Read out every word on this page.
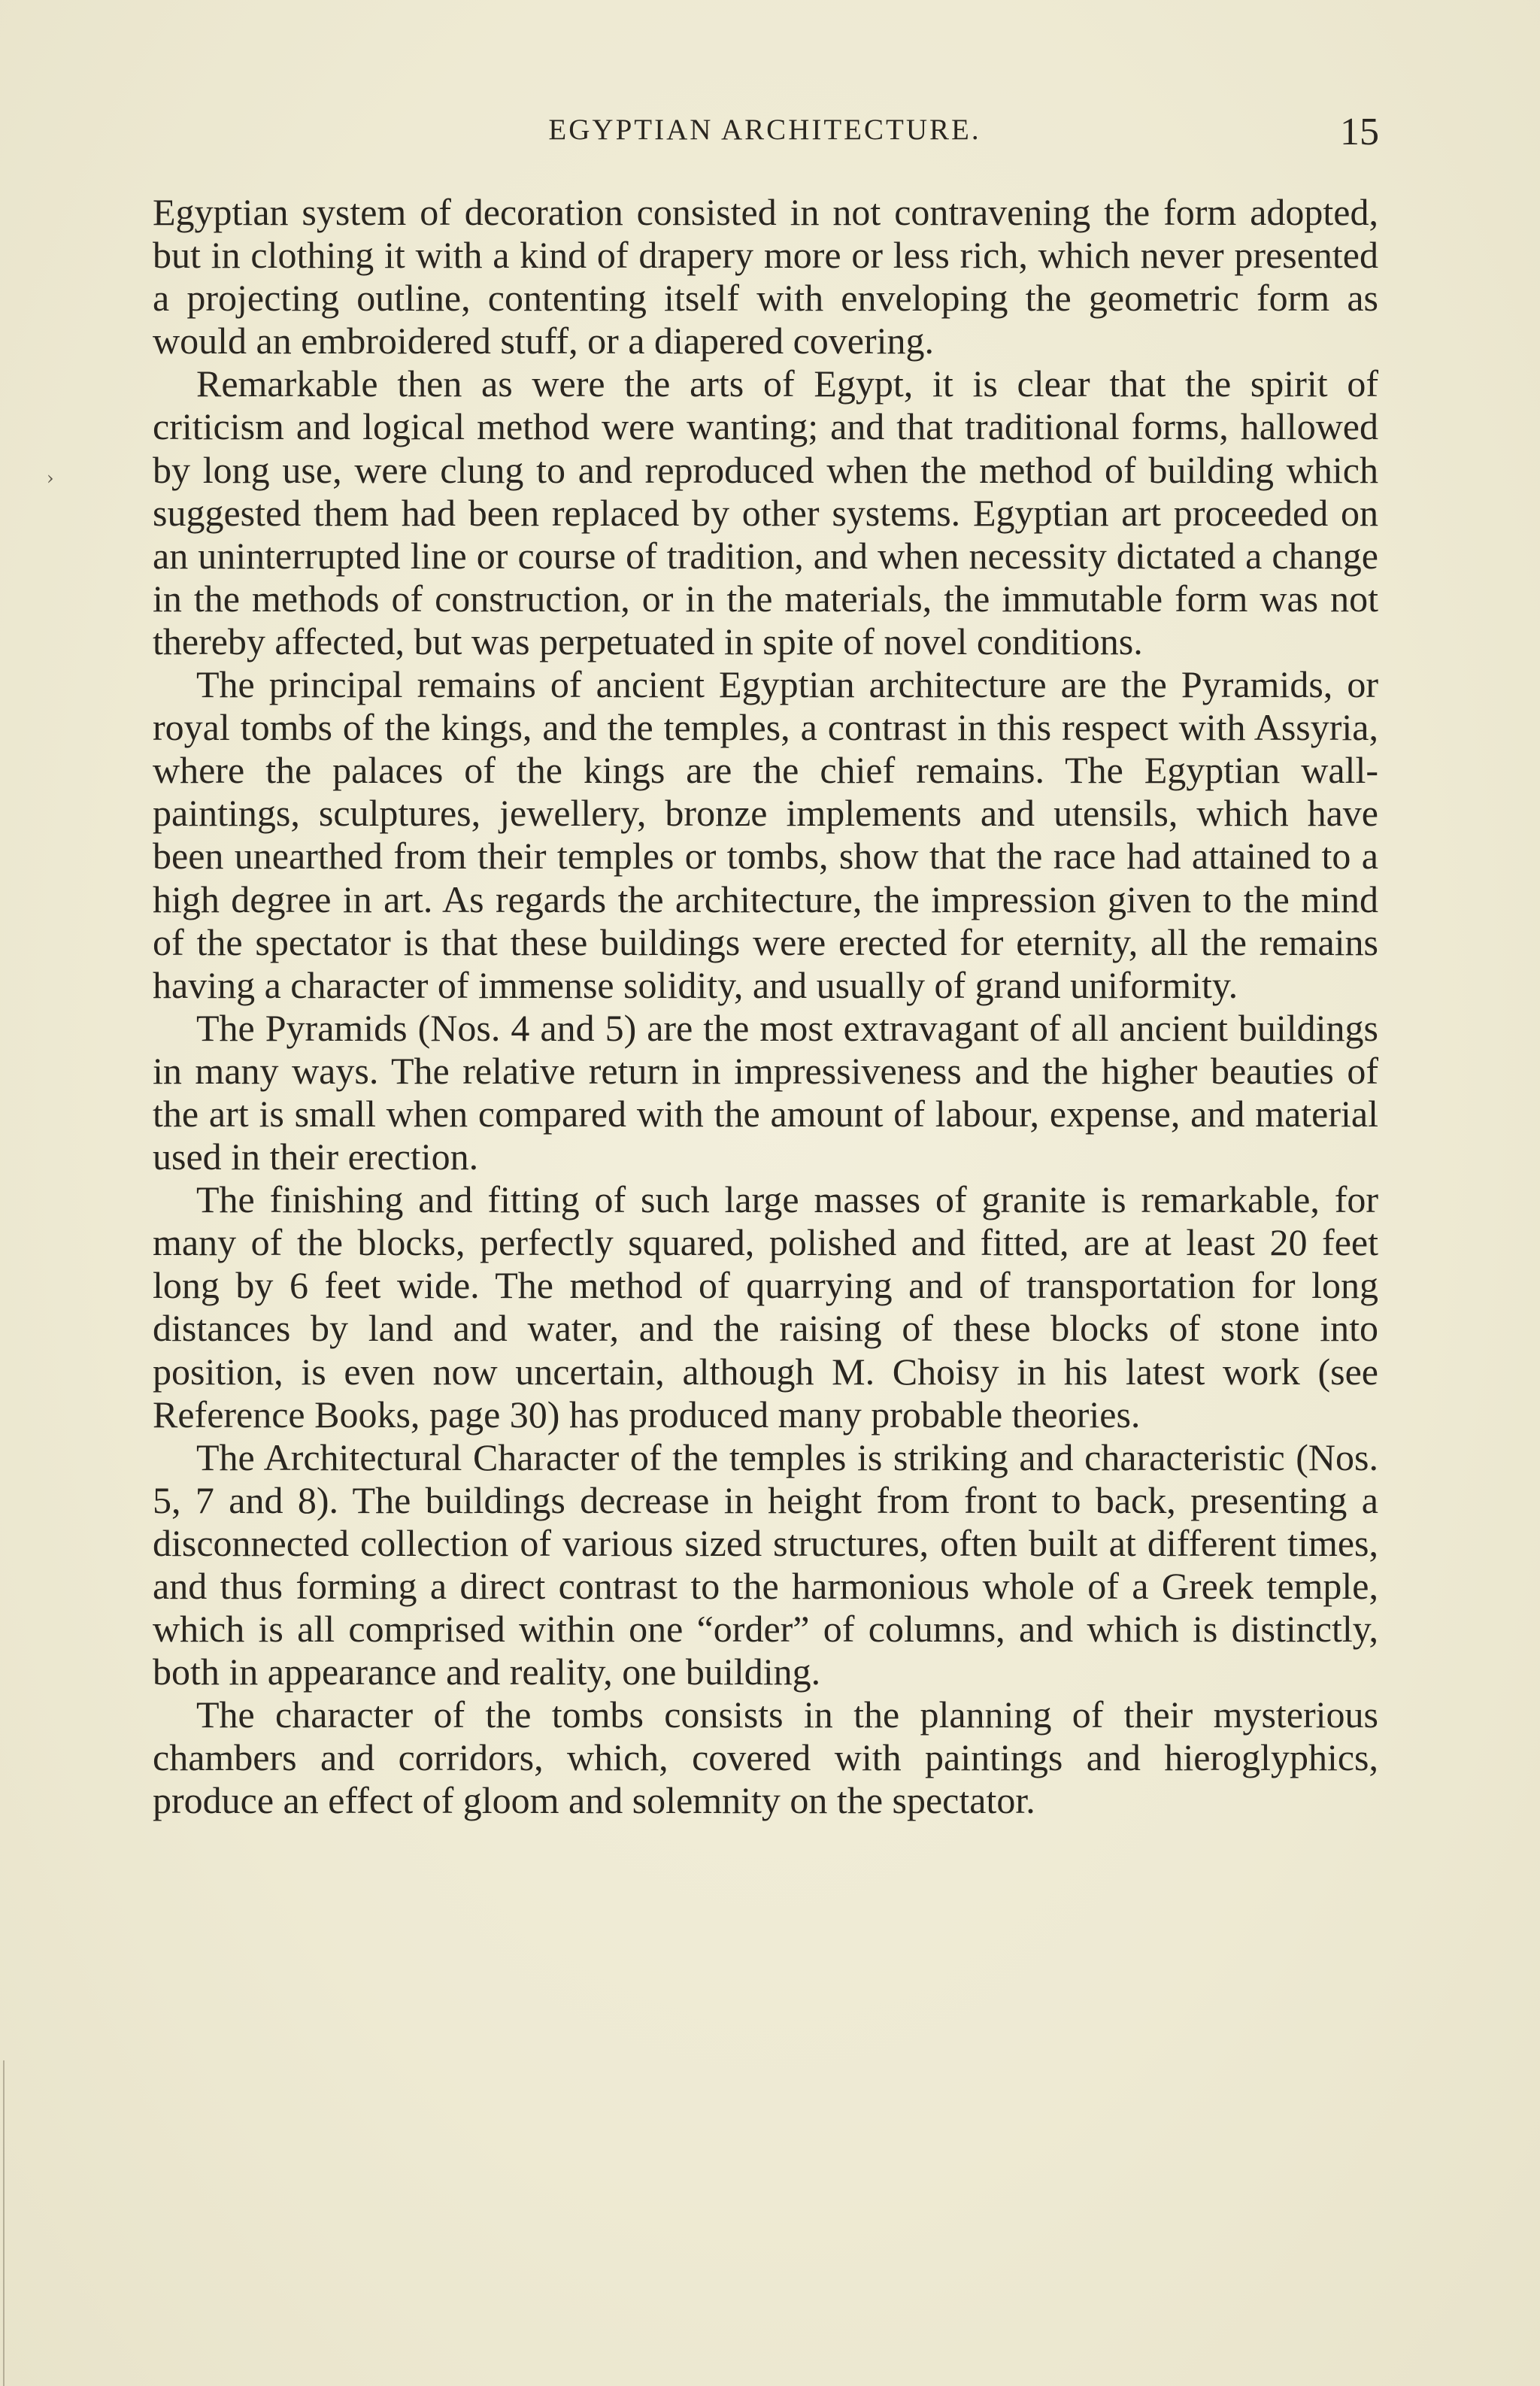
EGYPTIAN ARCHITECTURE.	15
›

Egyptian system of decoration consisted in not contravening the form adopted, but in clothing it with a kind of drapery more or less rich, which never presented a projecting outline, contenting itself with enveloping the geometric form as would an embroidered stuff, or a diapered covering.

Remarkable then as were the arts of Egypt, it is clear that the spirit of criticism and logical method were wanting; and that traditional forms, hallowed by long use, were clung to and reproduced when the method of building which suggested them had been replaced by other systems. Egyptian art proceeded on an uninterrupted line or course of tradition, and when necessity dictated a change in the methods of construction, or in the materials, the immutable form was not thereby affected, but was perpetuated in spite of novel conditions.

The principal remains of ancient Egyptian architecture are the Pyramids, or royal tombs of the kings, and the temples, a contrast in this respect with Assyria, where the palaces of the kings are the chief remains. The Egyptian wall-paintings, sculptures, jewellery, bronze implements and utensils, which have been unearthed from their temples or tombs, show that the race had attained to a high degree in art. As regards the architecture, the impression given to the mind of the spectator is that these buildings were erected for eternity, all the remains having a character of immense solidity, and usually of grand uniformity.

The Pyramids (Nos. 4 and 5) are the most extravagant of all ancient buildings in many ways. The relative return in impressiveness and the higher beauties of the art is small when compared with the amount of labour, expense, and material used in their erection.

The finishing and fitting of such large masses of granite is remarkable, for many of the blocks, perfectly squared, polished and fitted, are at least 20 feet long by 6 feet wide. The method of quarrying and of transportation for long distances by land and water, and the raising of these blocks of stone into position, is even now uncertain, although M. Choisy in his latest work (see Reference Books, page 30) has produced many probable theories.

The Architectural Character of the temples is striking and characteristic (Nos. 5, 7 and 8). The buildings decrease in height from front to back, presenting a disconnected collection of various sized structures, often built at different times, and thus forming a direct contrast to the harmonious whole of a Greek temple, which is all comprised within one “order” of columns, and which is distinctly, both in appearance and reality, one building.

The character of the tombs consists in the planning of their mysterious chambers and corridors, which, covered with paintings and hieroglyphics, produce an effect of gloom and solemnity on the spectator.
